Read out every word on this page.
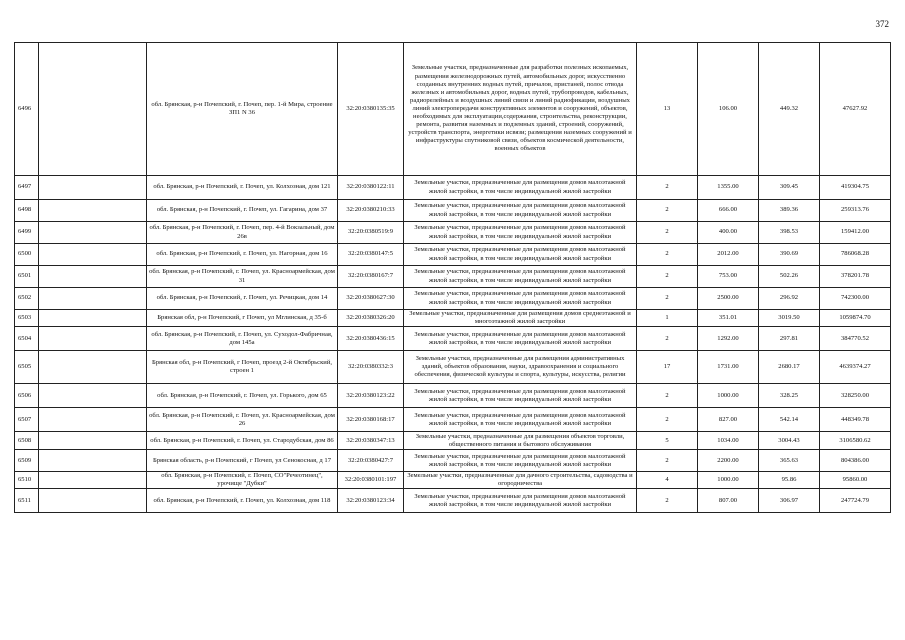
372
6496		обл. Брянская, р-н Почепский, г. Почеп, пер. 1-й Мира, строение ЗП1 N 36	32:20:0380135:35	Земельные участки, предназначенные для разработки полезных ископаемых, размещения железнодорожных путей, автомобильных дорог, искусственно созданных внутренних водных путей, причалов, пристаней, полос отвода железных и автомобильных дорог, водных путей, трубопроводов, кабельных, радиорелейных и воздушных линий связи и линий радиофикации, воздушных линий электропередачи конструктивных элементов и сооружений, объектов, необходимых для эксплуатации,содержания, строительства, реконструкции, ремонта, развития наземных и подземных зданий, строений, сооружений, устройств транспорта, энергетики исвязи; размещения наземных сооружений и инфраструктуры спутниковой связи, объектов космической деятельности, военных объектов	13	106.00	449.32	47627.92
6497		обл. Брянская, р-н Почепский, г. Почеп, ул. Колхозная, дом 121	32:20:0380122:11	Земельные участки, предназначенные для размещения домов малоэтажной жилой застройки, в том числе индивидуальной жилой застройки	2	1355.00	309.45	419304.75
6498		обл. Брянская, р-н Почепский, г. Почеп, ул. Гагарина, дом 37	32:20:0380210:33	Земельные участки, предназначенные для размещения домов малоэтажной жилой застройки, в том числе индивидуальной жилой застройки	2	666.00	389.36	259313.76
6499		обл. Брянская, р-н Почепский, г. Почеп, пер. 4-й Вокзальный, дом 26в	32:20:0380519:9	Земельные участки, предназначенные для размещения домов малоэтажной жилой застройки, в том числе индивидуальной жилой застройки	2	400.00	398.53	159412.00
6500		обл. Брянская, р-н Почепский, г. Почеп, ул. Нагорная, дом 16	32:20:0380147:5	Земельные участки, предназначенные для размещения домов малоэтажной жилой застройки, в том числе индивидуальной жилой застройки	2	2012.00	390.69	786068.28
6501		обл. Брянская, р-н Почепский, г. Почеп, ул. Красноармейская, дом 31	32:20:0380167:7	Земельные участки, предназначенные для размещения домов малоэтажной жилой застройки, в том числе индивидуальной жилой застройки	2	753.00	502.26	378201.78
6502		обл. Брянская, р-н Почепский, г. Почеп, ул. Речицкая, дом 14	32:20:0380627:30	Земельные участки, предназначенные для размещения домов малоэтажной жилой застройки, в том числе индивидуальной жилой застройки	2	2500.00	296.92	742300.00
6503		Брянская обл, р-н Почепский, г Почеп, ул Мглинская, д 35-б	32:20:0380326:20	Земельные участки, предназначенные для размещения домов среднеэтажной и многоэтажной жилой застройки	1	351.01	3019.50	1059874.70
6504		обл. Брянская, р-н Почепский, г. Почеп, ул. Суходол-Фабричная, дом 145а	32:20:0380436:15	Земельные участки, предназначенные для размещения домов малоэтажной жилой застройки, в том числе индивидуальной жилой застройки	2	1292.00	297.81	384770.52
6505		Брянская обл, р-н Почепский, г Почеп, проезд 2-й Октябрьский, строен 1	32:20:0380332:3	Земельные участки, предназначенные для размещения административных зданий, объектов образования, науки, здравоохранения и социального обеспечения, физической культуры и спорта, культуры, искусства, религии	17	1731.00	2680.17	4639374.27
6506		обл. Брянская, р-н Почепский, г. Почеп, ул. Горького, дом 65	32:20:0380123:22	Земельные участки, предназначенные для размещения домов малоэтажной жилой застройки, в том числе индивидуальной жилой застройки	2	1000.00	328.25	328250.00
6507		обл. Брянская, р-н Почепский, г. Почеп, ул. Красноармейская, дом 26	32:20:0380168:17	Земельные участки, предназначенные для размещения домов малоэтажной жилой застройки, в том числе индивидуальной жилой застройки	2	827.00	542.14	448349.78
6508		обл. Брянская, р-н Почепский, г. Почеп, ул. Стародубская, дом 86	32:20:0380347:13	Земельные участки, предназначенные для размещения объектов торговли, общественного питания и бытового обслуживания	5	1034.00	3004.43	3106580.62
6509		Брянская область, р-н Почепский, г Почеп, ул Сенокосная, д 17	32:20:0380427:7	Земельные участки, предназначенные для размещения домов малоэтажной жилой застройки, в том числе индивидуальной жилой застройки	2	2200.00	365.63	804386.00
6510		обл. Брянская, р-н Почепский, г. Почеп, СО"Речеотинец", урочище "Дубки"	32:20:0380101:197	Земельные участки, предназначенные для дачного строительства, садоводства и огородничества	4	1000.00	95.86	95860.00
6511		обл. Брянская, р-н Почепский, г. Почеп, ул. Колхозная, дом 118	32:20:0380123:34	Земельные участки, предназначенные для размещения домов малоэтажной жилой застройки, в том числе индивидуальной жилой застройки	2	807.00	306.97	247724.79
